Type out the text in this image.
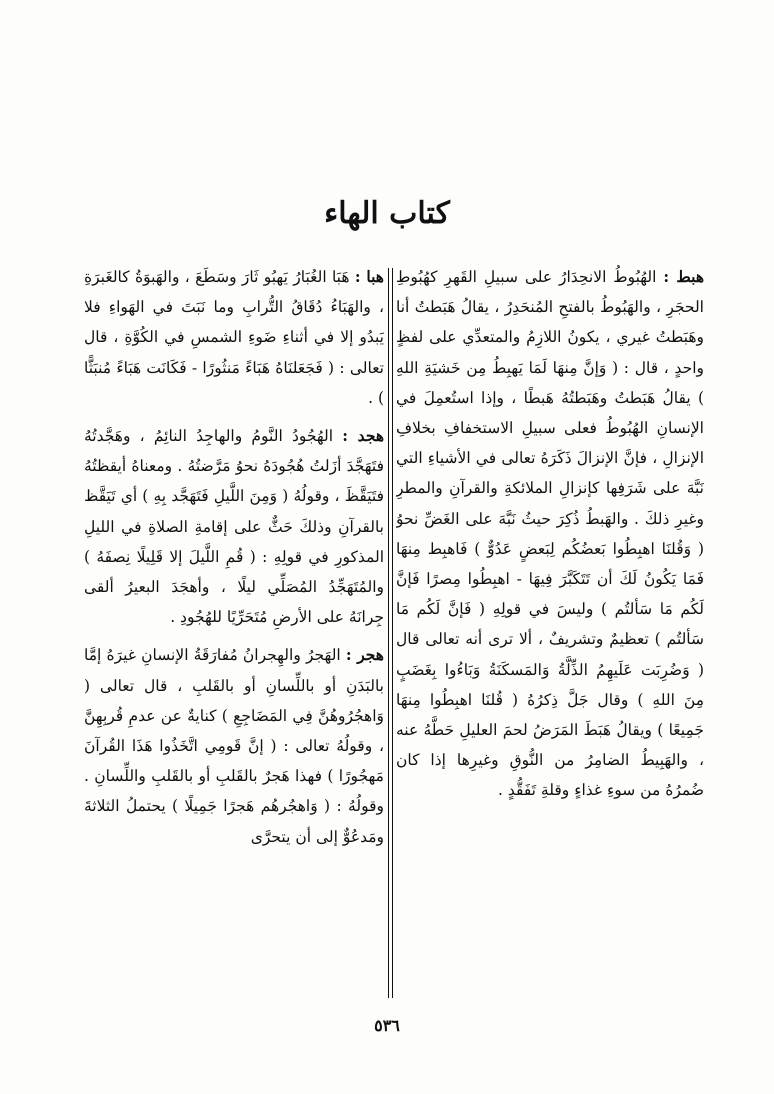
كتاب الهاء

هبط : الهُبُوطُ الانحِدَارُ على سبيلِ القَهرِ كهُبُوطِ الحجَرِ ، والهَبُوطُ بالفتحِ المُنحَدِرُ ، يقالُ هَبَطتُ أنا وهَبَطتُ غيري ، يكونُ اللازِمُ والمتعدِّي على لفظٍ واحدٍ ، قال : ( وَإنَّ مِنهَا لَمَا يَهبِطُ مِن خَشيَةِ اللهِ ) يقالُ هَبَطتُ وهَبَطتُهُ هَبطًا ، وإذا استُعمِلَ في الإنسانِ الهُبُوطُ فعلى سبيلِ الاستخفافِ بخلافِ الإنزالِ ، فإنَّ الإنزالَ ذَكَرَهُ تعالى في الأشياءِ التي نَبَّهَ على شَرَفِها كإنزالِ الملائكةِ والقرآنِ والمطرِ وغيرِ ذلكَ . والهَبطُ ذُكِرَ حيثُ نَبَّهَ على الغَضِّ نحوُ ( وَقُلنَا اهبِطُوا بَعضُكُم لِبَعضٍ عَدُوٌّ ) فَاهبِط مِنهَا فَمَا يَكُونُ لَكَ أن تَتَكَبَّرَ فِيهَا - اهبِطُوا مِصرًا فَإنَّ لَكُم مَا سَألتُم ) وليسَ في قولِهِ ( فَإنَّ لَكُم مَا سَألتُم ) تعظيمٌ وتشريفٌ ، ألا ترى أنه تعالى قال ( وَضُرِبَت عَلَيهِمُ الذِّلَّةُ وَالمَسكَنَةُ وَبَاءُوا بِغَضَبٍ مِنَ اللهِ ) وقال جَلَّ ذِكرُهُ ( قُلنَا اهبِطُوا مِنهَا جَمِيعًا ) ويقالُ هَبَطَ المَرَضُ لحمَ العليلِ حَطَّهُ عنه ، والهَبِيطُ الضامِرُ من النُّوقِ وغيرِها إذا كان ضُمرُهُ من سوءِ غذاءٍ وقلةِ تَفَقُّدٍ .

هبا : هَبَا الغُبَارُ يَهبُو ثَارَ وسَطَعَ ، والهَبوَةُ كالغَبرَةِ ، والهَبَاءُ دُقَاقُ التُّرابِ وما نَبَتَ في الهَواءِ فلا يَبدُو إلا في أثناءِ ضَوءِ الشمسِ في الكُوَّةِ ، قال تعالى : ( فَجَعَلنَاهُ هَبَاءً مَنثُورًا - فَكَانَت هَبَاءً مُنبَثًّا ) .

هجد : الهُجُودُ النَّومُ والهاجِدُ النائِمُ ، وهَجَّدتُهُ فتَهَجَّدَ أزَلتُ هُجُودَهُ نحوُ مَرَّضتُهُ . ومعناهُ أيقظتُهُ فتَيَقَّظَ ، وقولُهُ ( وَمِنَ اللَّيلِ فَتَهَجَّد بِهِ ) أي تَيَقَّظ بالقرآنِ وذلكَ حَثٌّ على إقامةِ الصلاةِ في الليلِ المذكورِ في قولِهِ : ( قُمِ اللَّيلَ إلا قَلِيلًا نِصفَهُ ) والمُتَهَجِّدُ المُصَلِّي ليلًا ، وأهجَدَ البعيرُ ألقى جِرانَهُ على الأرضِ مُتَحَرِّيًا للهُجُودِ .

هجر : الهَجرُ والهِجرانُ مُفارَقَةُ الإنسانِ غيرَهُ إمَّا بالبَدَنِ أو باللِّسانِ أو بالقَلبِ ، قال تعالى ( وَاهجُرُوهُنَّ فِي المَضَاجِعِ ) كنايةٌ عن عدمِ قُربِهِنَّ ، وقولُهُ تعالى : ( إنَّ قَومِي اتَّخَذُوا هَذَا القُرآنَ مَهجُورًا ) فهذا هَجرٌ بالقَلبِ أو بالقَلبِ واللِّسانِ . وقولُهُ : ( وَاهجُرهُم هَجرًا جَمِيلًا ) يحتملُ الثلاثةَ ومَدعُوٌّ إلى أن يتحرَّى

٥٣٦
